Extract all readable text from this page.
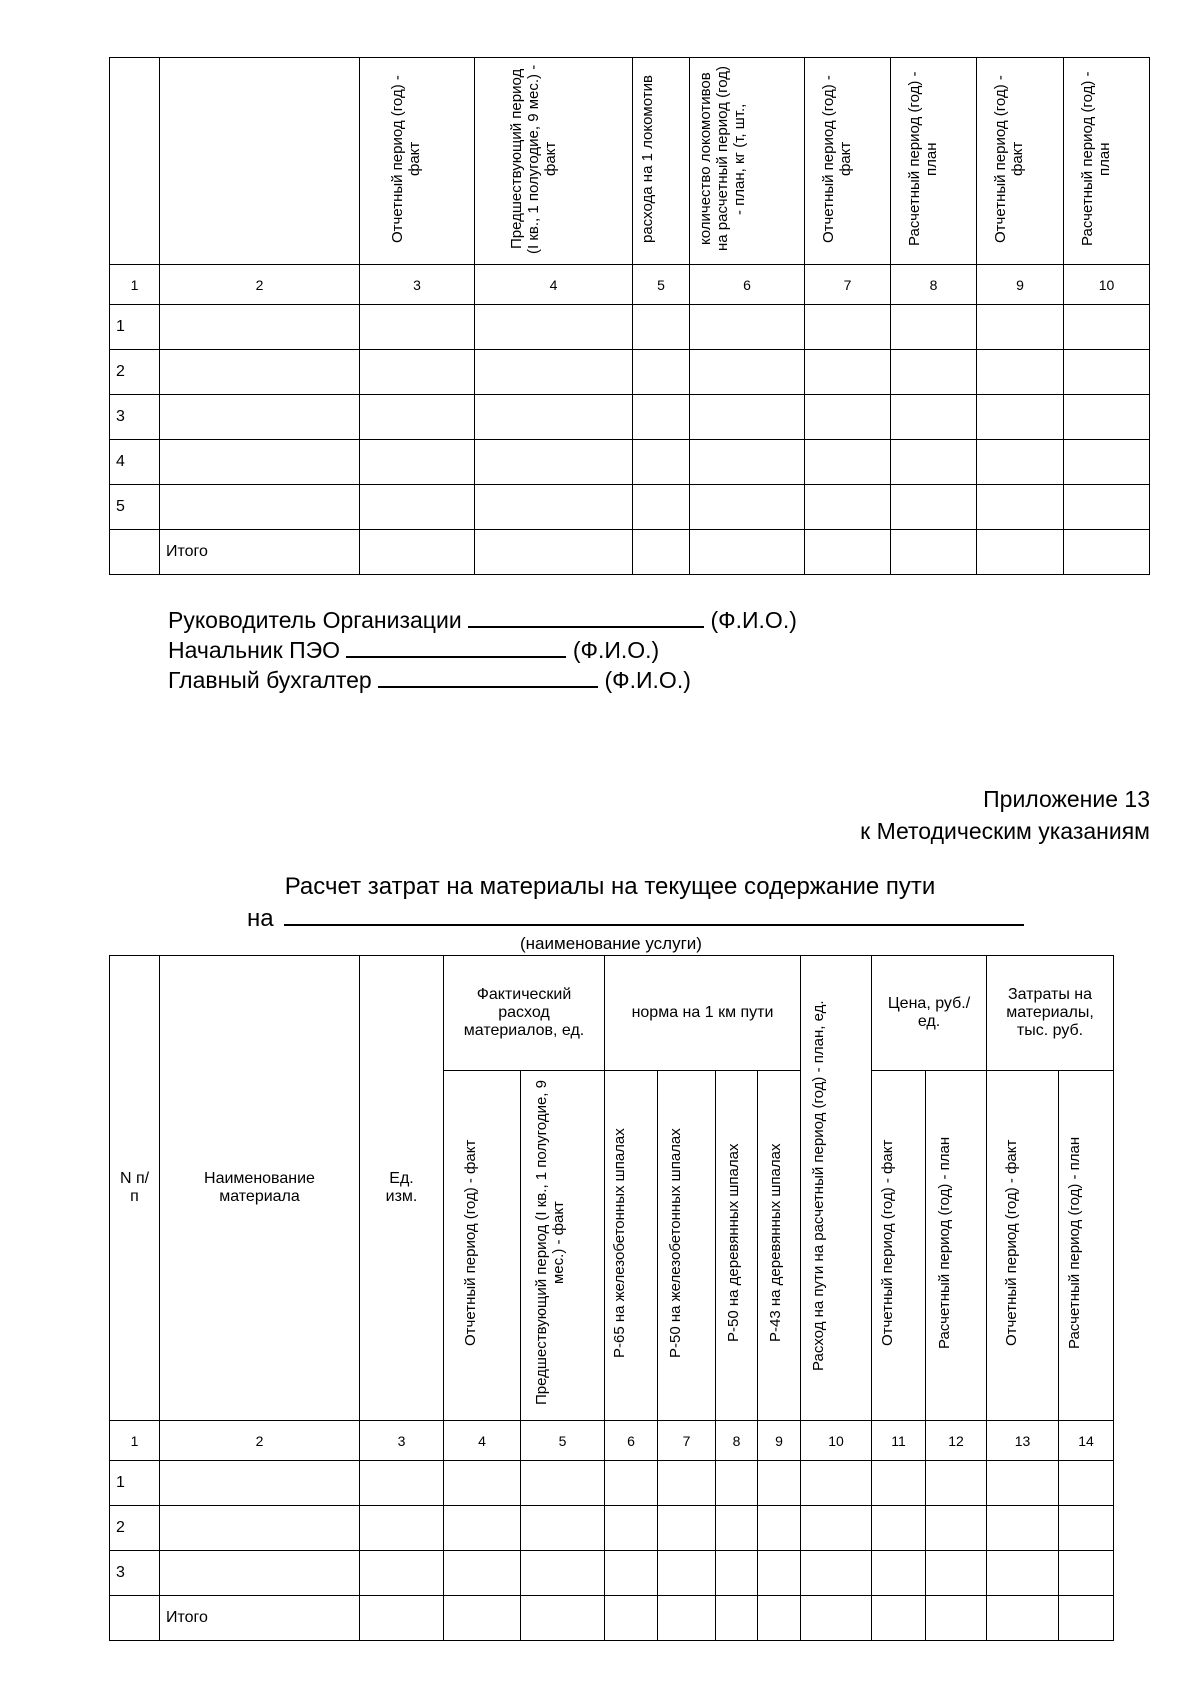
		Отчетный период (год) - факт	Предшествующий период (I кв., 1 полугодие, 9 мес.) - факт	расхода на 1 локомотив	количество локомотивов на расчетный период (год) - план, кг (т, шт.,	Отчетный период (год) - факт	Расчетный период (год) - план	Отчетный период (год) - факт	Расчетный период (год) - план
1	2	3	4	5	6	7	8	9	10
1									
2									
3									
4									
5									
	Итого								
Руководитель Организации	(Ф.И.О.)
Начальник ПЭО	(Ф.И.О.)
Главный бухгалтер	(Ф.И.О.)
Приложение 13
к Методическим указаниям
Расчет затрат на материалы на текущее содержание пути
на
(наименование услуги)
N п/п	Наименование материала	Ед. изм.	Фактический расход материалов, ед.		норма на 1 км пути				Расход на пути на расчетный период (год) - план, ед.	Цена, руб./ед.		Затраты на материалы, тыс. руб.	
			Отчетный период (год) - факт	Предшествующий период (I кв., 1 полугодие, 9 мес.) - факт	Р-65 на железобетонных шпалах	Р-50 на железобетонных шпалах	Р-50 на деревянных шпалах	Р-43 на деревянных шпалах		Отчетный период (год) - факт	Расчетный период (год) - план	Отчетный период (год) - факт	Расчетный период (год) - план
1	2	3	4	5	6	7	8	9	10	11	12	13	14
1													
2													
3													
	Итого												
